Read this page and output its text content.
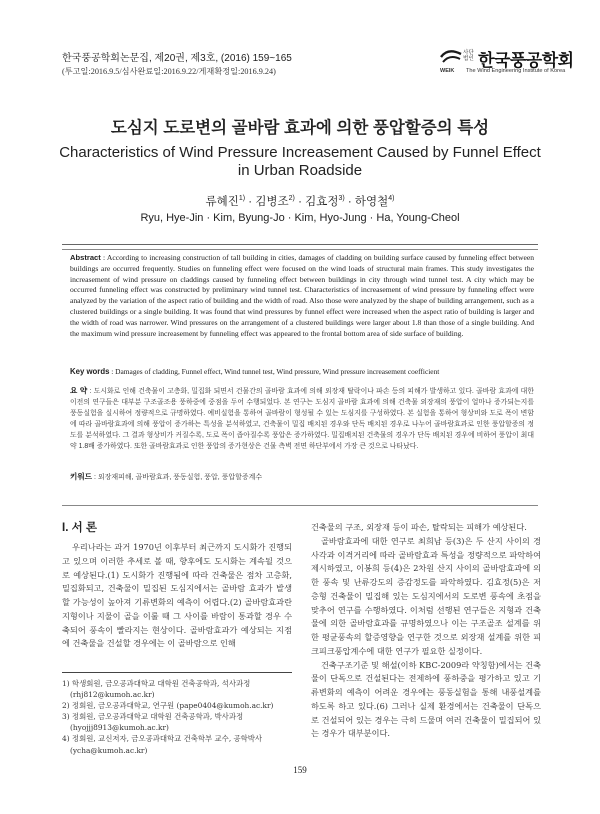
한국풍공학회논문집, 제20권, 제3호, (2016) 159~165
(투고일:2016.9.5/심사완료일:2016.9.22/게재확정일:2016.9.24)
사단법인 한국풍공학회
WEIK The Wind Engineering Institute of Korea
도심지 도로변의 골바람 효과에 의한 풍압할증의 특성
Characteristics of Wind Pressure Increasement Caused by Funnel Effect
in Urban Roadside
류혜진$^{1)}$ · 김병조$^{2)}$ · 김효정$^{3)}$ · 하영철$^{4)}$
Ryu, Hye-Jin · Kim, Byung-Jo · Kim, Hyo-Jung · Ha, Young-Cheol
Abstract : According to increasing construction of tall building in cities, damages of cladding on building surface caused by funneling effect between buildings are occurred frequently. Studies on funneling effect were focused on the wind loads of structural main frames. This study investigates the increasement of wind pressure on claddings caused by funneling effect between buildings in city through wind tunnel test. A city which may be occurred funneling effect was constructed by preliminary wind tunnel test. Characteristics of increasement of wind pressure by funneling effect were analyzed by the variation of the aspect ratio of building and the width of road. Also those were analyzed by the shape of building arrangement, such as a clustered buildings or a single building. It was found that wind pressures by funnel effect were increased when the aspect ratio of building is larger and the width of road was narrower. Wind pressures on the arrangement of a clustered buildings were larger about 1.8 than those of a single building. And the maximum wind pressure increasement by funneling effect was appeared to the frontal bottom area of side surface of building.
Key words : Damages of cladding, Funnel effect, Wind tunnel test, Wind pressure, Wind pressure increasement coefficient
요 약 : 도시화로 인해 건축물이 고층화, 밀집화 되면서 건물간의 골바람 효과에 의해 외장재 탈락이나 파손 등의 피해가 발생하고 있다. 골바람 효과에 대한 이전의 연구들은 대부분 구조골조용 풍하중에 중점을 두어 수행되었다. 본 연구는 도심지 골바람 효과에 의해 건축물 외장재의 풍압이 얼마나 증가되는지를 풍동실험을 실시하여 정량적으로 규명하였다. 예비실험을 통하여 골바람이 형성될 수 있는 도심지를 구성하였다. 본 실험을 통하여 형상비와 도로 폭이 변함에 따라 골바람효과에 의해 풍압이 증가하는 특성을 분석하였고, 건축물이 밀집 배치된 경우와 단독 배치된 경우로 나누어 골바람효과로 인한 풍압할증의 정도를 분석하였다. 그 결과 형상비가 커질수록, 도로 폭이 좁아질수록 풍압은 증가하였다. 밀집배치된 건축물의 경우가 단독 배치된 경우에 비하여 풍압이 최대 약 1.8배 증가하였다. 또한 골바람효과로 인한 풍압의 증가현상은 건물 측벽 전면 하단부에서 가장 큰 것으로 나타났다.
키워드 : 외장재피해, 골바람효과, 풍동실험, 풍압, 풍압할증계수
I. 서 론

우리나라는 과거 1970년 이후부터 최근까지 도시화가 진행되고 있으며 이러한 추세로 볼 때, 향후에도 도시화는 계속될 것으로 예상된다.(1) 도시화가 진행됨에 따라 건축물은 점차 고층화, 밀집화되고, 건축물이 밀집된 도심지에서는 골바람 효과가 발생할 가능성이 높아져 기류변화의 예측이 어렵다.(2) 골바람효과란 지형이나 지물이 골을 이룰 때 그 사이를 바람이 통과할 경우 수축되어 풍속이 빨라지는 현상이다. 골바람효과가 예상되는 지점에 건축물을 건설할 경우에는 이 골바람으로 인해

건축물의 구조, 외장재 등이 파손, 탈락되는 피해가 예상된다.

골바람효과에 대한 연구로 최희남 등(3)은 두 산지 사이의 경사각과 이격거리에 따라 골바람효과 특성을 정량적으로 파악하여 제시하였고, 이봉희 등(4)은 2차원 산지 사이의 골바람효과에 의한 풍속 및 난류강도의 증감정도를 파악하였다. 김효정(5)은 저층형 건축물이 밀집해 있는 도심지에서의 도로변 풍속에 초점을 맞추어 연구를 수행하였다. 이처럼 선행된 연구들은 지형과 건축물에 의한 골바람효과를 규명하였으나 이는 구조골조 설계를 위한 평균풍속의 할증영향을 연구한 것으로 외장재 설계를 위한 피크피크풍압계수에 대한 연구가 필요한 실정이다.

건축구조기준 및 해설(이하 KBC-2009라 약칭함)에서는 건축물이 단독으로 건설된다는 전제하에 풍하중을 평가하고 있고 기류변화의 예측이 어려운 경우에는 풍동실험을 통해 내풍설계를 하도록 하고 있다.(6) 그러나 실제 환경에서는 건축물이 단독으로 건설되어 있는 경우는 극히 드물며 여러 건축물이 밀집되어 있는 경우가 대부분이다.

1) 학생회원, 금오공과대학교 대학원 건축공학과, 석사과정
(rhj812@kumoh.ac.kr)
2) 정회원, 금오공과대학교, 연구원 (pape0404@kumoh.ac.kr)
3) 정회원, 금오공과대학교 대학원 건축공학과, 박사과정
(hyojjj8913@kumoh.ac.kr)
4) 정회원, 교신저자, 금오공과대학교 건축학부 교수, 공학박사
(ycha@kumoh.ac.kr)
159
